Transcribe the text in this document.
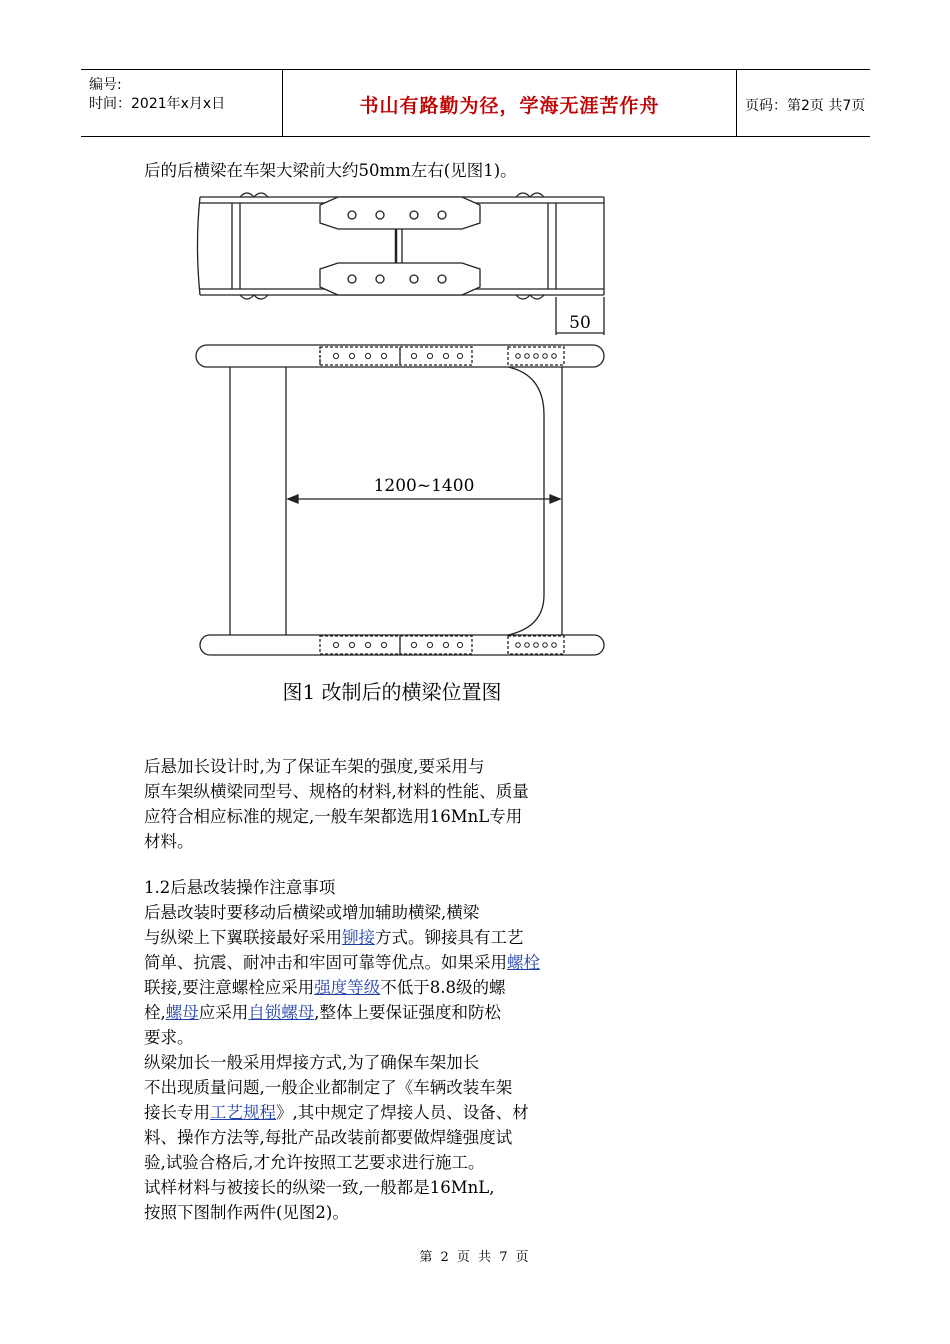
编号:
时间：2021年x月x日	书山有路勤为径，学海无涯苦作舟	页码：第2页 共7页
后的后横梁在车架大梁前大约50mm左右(见图1)。
50
1200~1400
图1 改制后的横梁位置图
后悬加长设计时,为了保证车架的强度,要采用与
原车架纵横梁同型号、规格的材料,材料的性能、质量
应符合相应标准的规定,一般车架都选用16MnL专用
材料。
1.2后悬改装操作注意事项
后悬改装时要移动后横梁或增加辅助横梁,横梁
与纵梁上下翼联接最好采用铆接方式。铆接具有工艺
简单、抗震、耐冲击和牢固可靠等优点。如果采用螺栓
联接,要注意螺栓应采用强度等级不低于8.8级的螺
栓,螺母应采用自锁螺母,整体上要保证强度和防松
要求。
纵梁加长一般采用焊接方式,为了确保车架加长
不出现质量问题,一般企业都制定了《车辆改装车架
接长专用工艺规程》,其中规定了焊接人员、设备、材
料、操作方法等,每批产品改装前都要做焊缝强度试
验,试验合格后,才允许按照工艺要求进行施工。
试样材料与被接长的纵梁一致,一般都是16MnL,
按照下图制作两件(见图2)。
第 2 页 共 7 页
